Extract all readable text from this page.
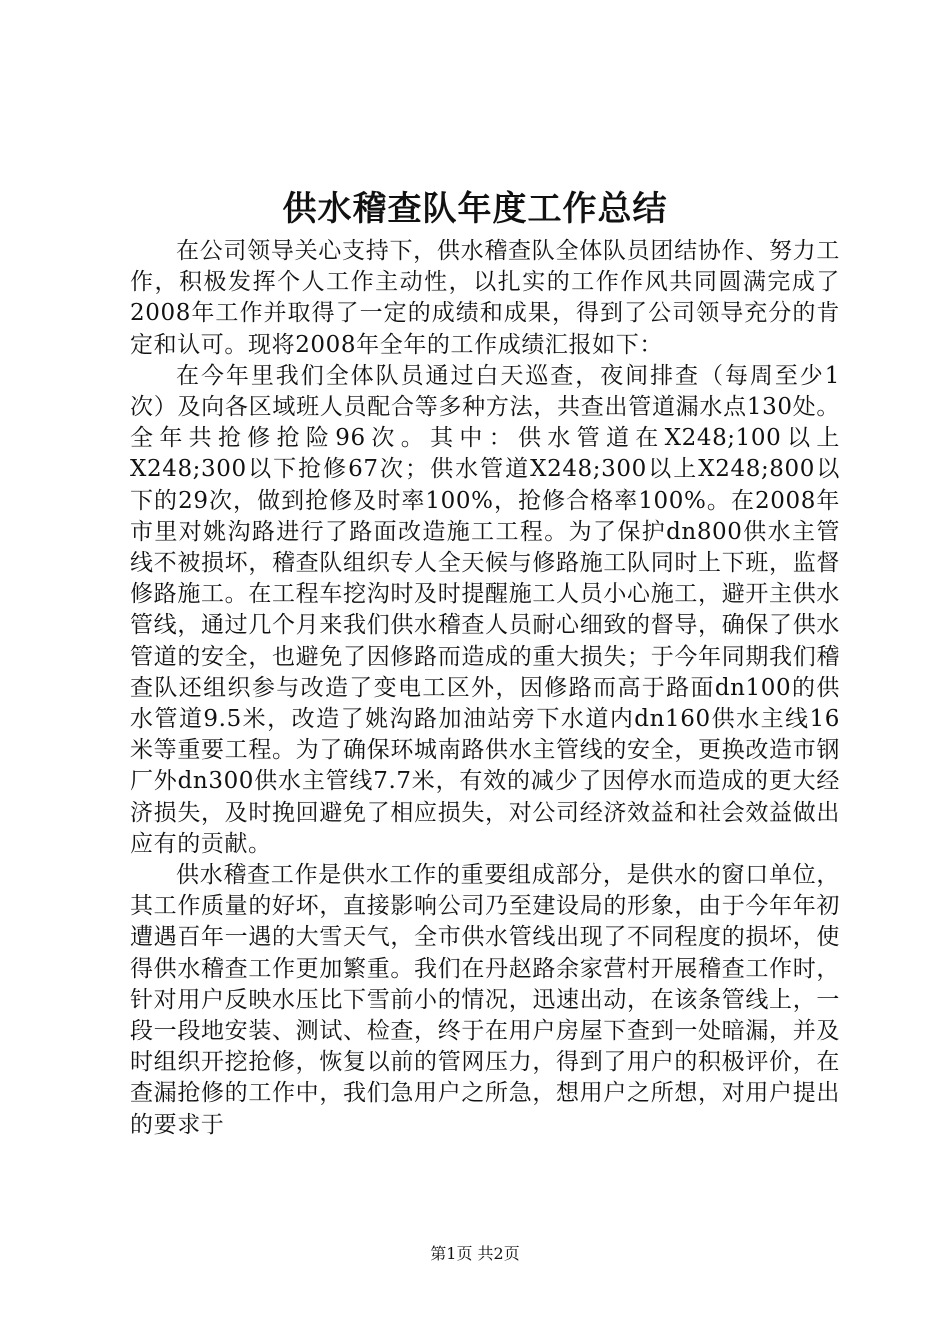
供水稽查队年度工作总结

在公司领导关心支持下，供水稽查队全体队员团结协作、努力工作，积极发挥个人工作主动性，以扎实的工作作风共同圆满完成了2008年工作并取得了一定的成绩和成果，得到了公司领导充分的肯定和认可。现将2008年全年的工作成绩汇报如下：

在今年里我们全体队员通过白天巡查，夜间排查（每周至少1次）及向各区域班人员配合等多种方法，共查出管道漏水点130处。全年共抢修抢险96次。其中：供水管道在X248;100以上X248;300以下抢修67次；供水管道X248;300以上X248;800以下的29次，做到抢修及时率100%，抢修合格率100%。在2008年市里对姚沟路进行了路面改造施工工程。为了保护dn800供水主管线不被损坏，稽查队组织专人全天候与修路施工队同时上下班，监督修路施工。在工程车挖沟时及时提醒施工人员小心施工，避开主供水管线，通过几个月来我们供水稽查人员耐心细致的督导，确保了供水管道的安全，也避免了因修路而造成的重大损失；于今年同期我们稽查队还组织参与改造了变电工区外，因修路而高于路面dn100的供水管道9.5米，改造了姚沟路加油站旁下水道内dn160供水主线16米等重要工程。为了确保环城南路供水主管线的安全，更换改造市钢厂外dn300供水主管线7.7米，有效的减少了因停水而造成的更大经济损失，及时挽回避免了相应损失，对公司经济效益和社会效益做出应有的贡献。

供水稽查工作是供水工作的重要组成部分，是供水的窗口单位，其工作质量的好坏，直接影响公司乃至建设局的形象，由于今年年初遭遇百年一遇的大雪天气，全市供水管线出现了不同程度的损坏，使得供水稽查工作更加繁重。我们在丹赵路余家营村开展稽查工作时，针对用户反映水压比下雪前小的情况，迅速出动，在该条管线上，一段一段地安装、测试、检查，终于在用户房屋下查到一处暗漏，并及时组织开挖抢修，恢复以前的管网压力，得到了用户的积极评价，在查漏抢修的工作中，我们急用户之所急，想用户之所想，对用户提出的要求于

第1页 共2页
